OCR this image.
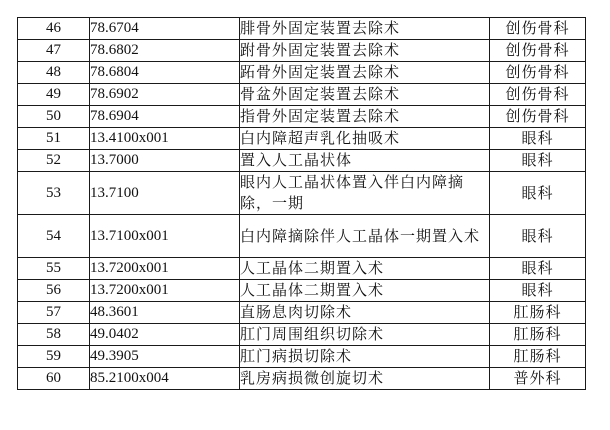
46	78.6704	腓骨外固定装置去除术	创伤骨科
47	78.6802	跗骨外固定装置去除术	创伤骨科
48	78.6804	跖骨外固定装置去除术	创伤骨科
49	78.6902	骨盆外固定装置去除术	创伤骨科
50	78.6904	指骨外固定装置去除术	创伤骨科
51	13.4100x001	白内障超声乳化抽吸术	眼科
52	13.7000	置入人工晶状体	眼科
53	13.7100	眼内人工晶状体置入伴白内障摘除，一期	眼科
54	13.7100x001	白内障摘除伴人工晶体一期置入术	眼科
55	13.7200x001	人工晶体二期置入术	眼科
56	13.7200x001	人工晶体二期置入术	眼科
57	48.3601	直肠息肉切除术	肛肠科
58	49.0402	肛门周围组织切除术	肛肠科
59	49.3905	肛门病损切除术	肛肠科
60	85.2100x004	乳房病损微创旋切术	普外科
